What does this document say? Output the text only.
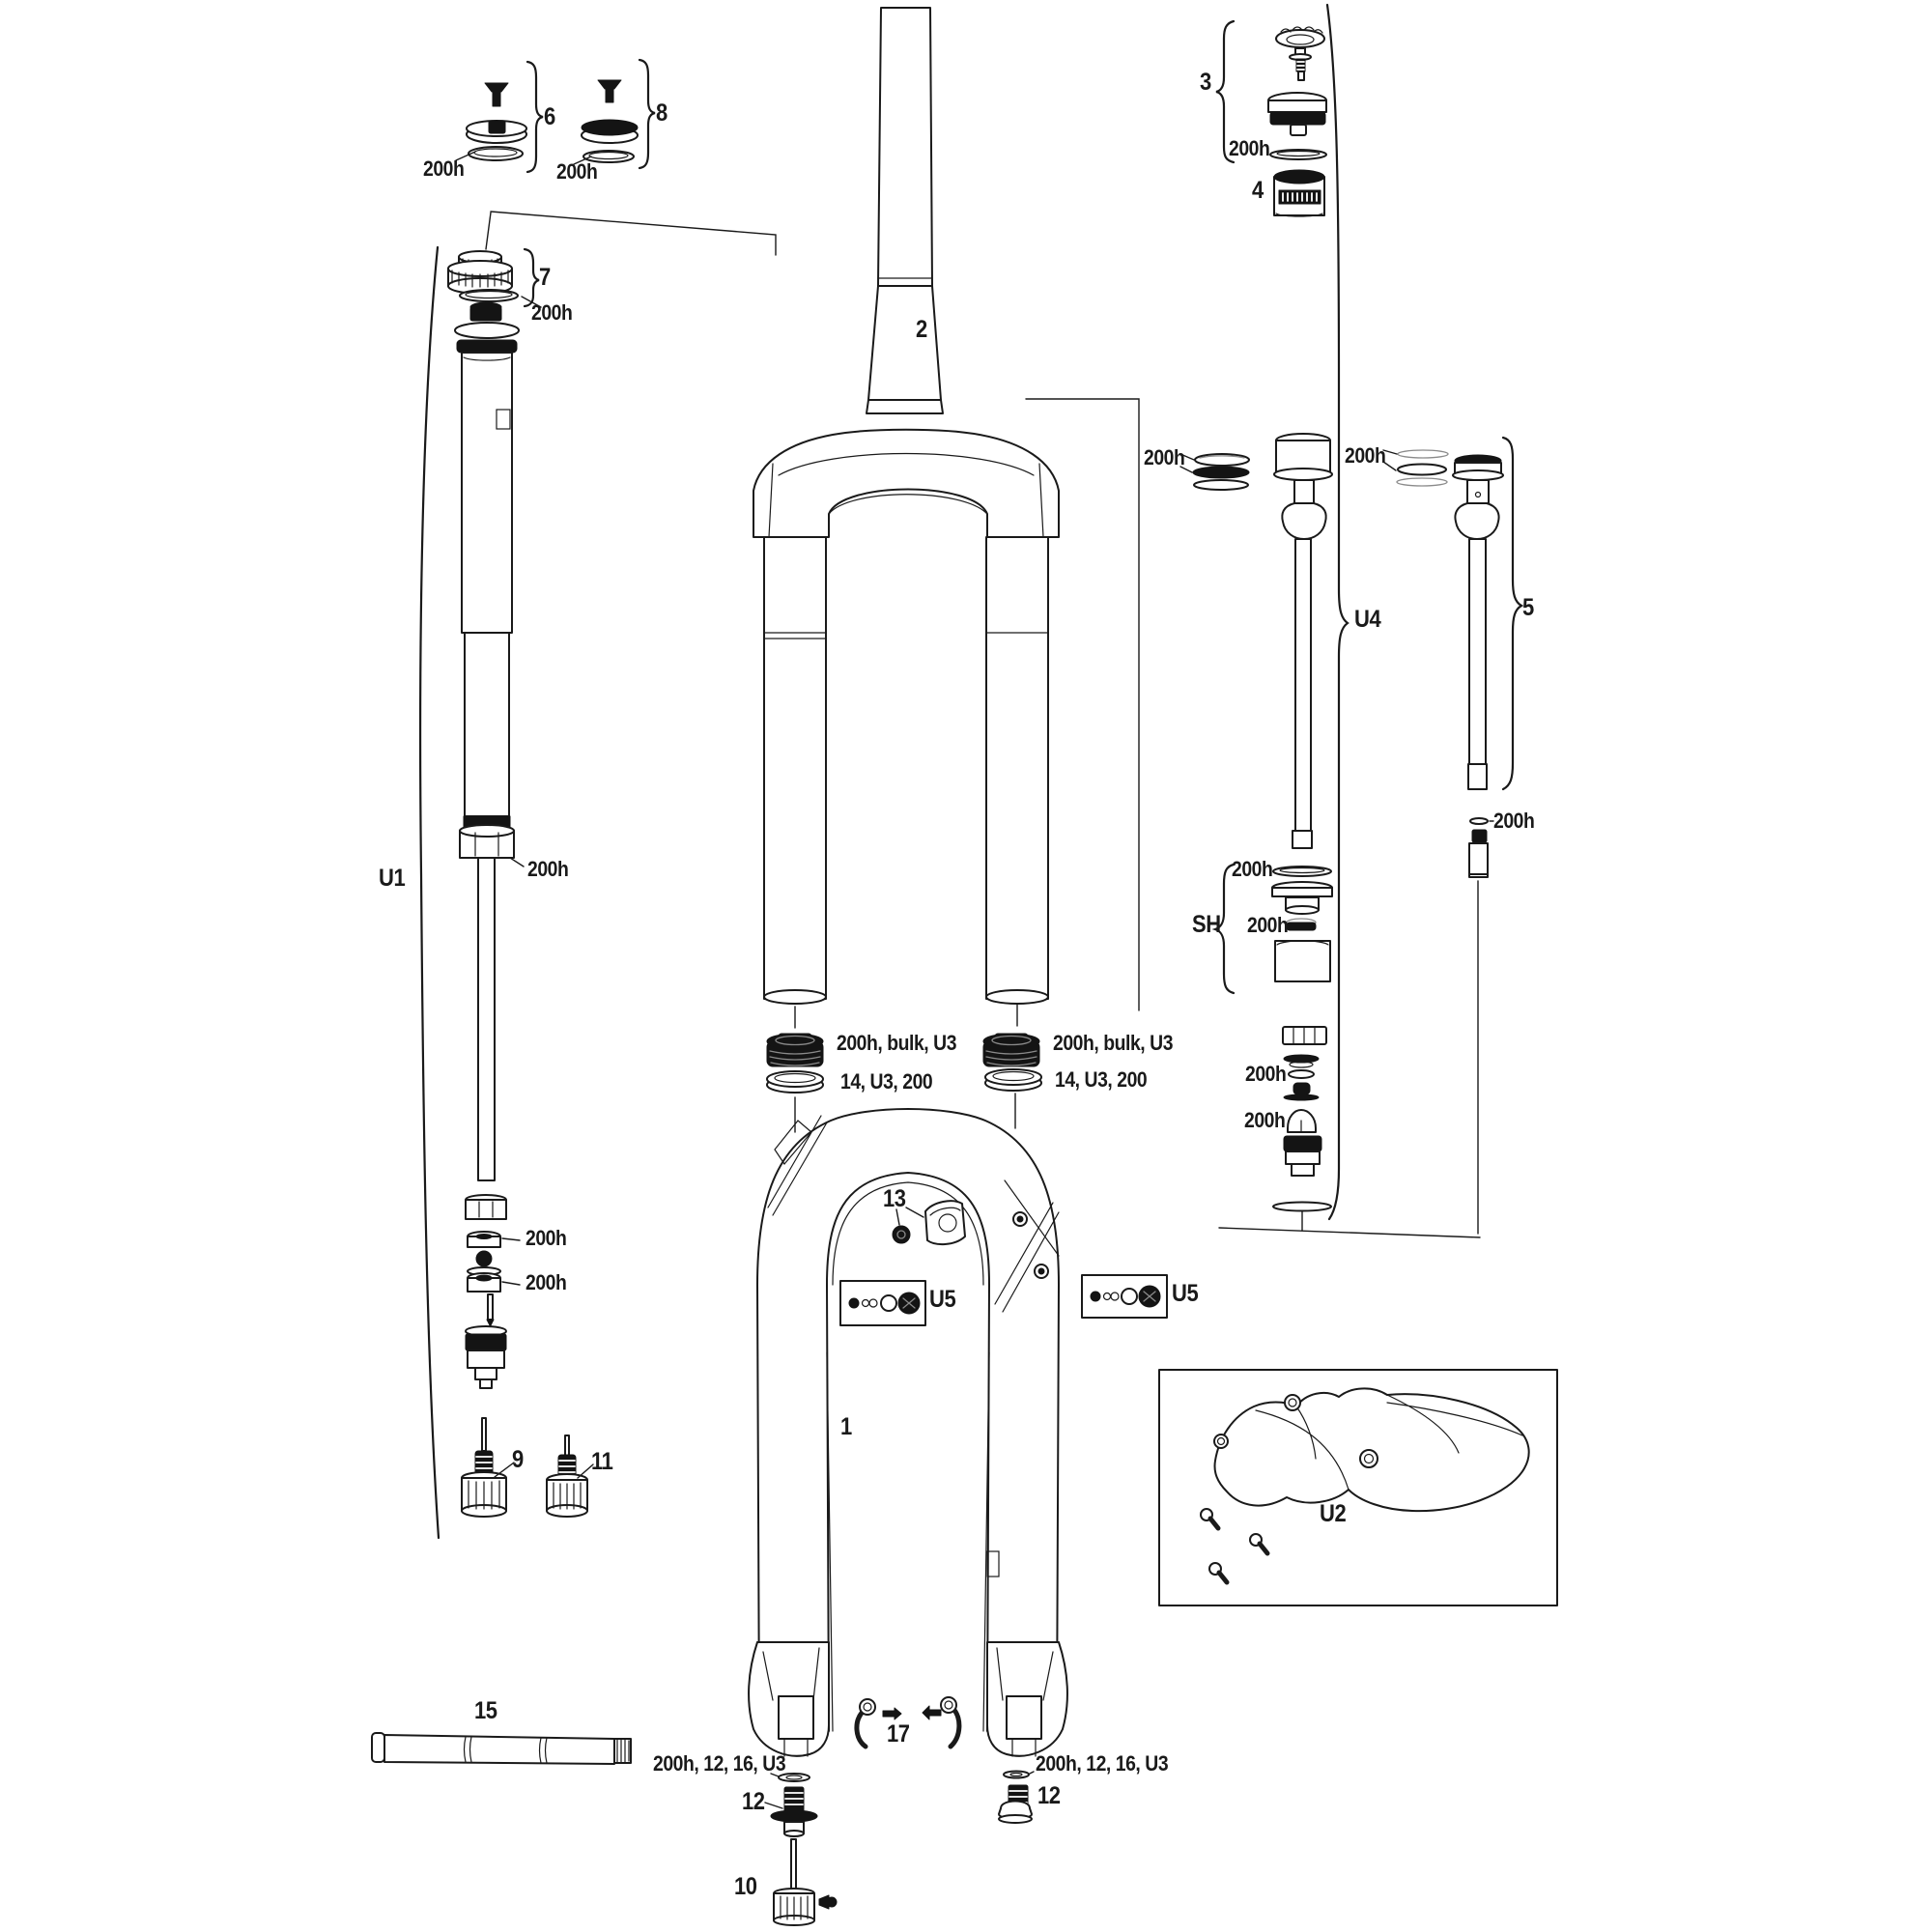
6
200h
8
200h
7
200h
2
U1	200h
200h
200h
9	11
15
3
200h
4
200h	200h
U4	5
200h
SH
200h
200h
200h
200h
200h, bulk, U3
14, U3, 200
200h, bulk, U3
14, U3, 200
13
U5	U5
1
U2
17
200h, 12, 16, U3
12
10
200h, 12, 16, U3
12
